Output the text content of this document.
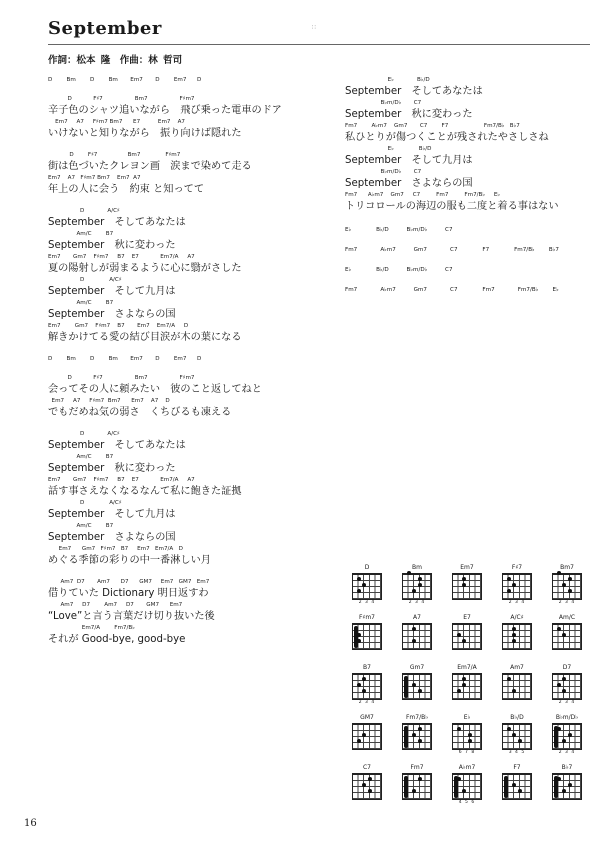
September	∷
作詞：松本 隆　作曲：林 哲司
D        Bm        D        Bm       Em7       D        Em7      D
D            F♯7                  Bm7                  F♯m7
辛子色のシャツ追いながら　飛び乗った電車のドア
Em7     A7     F♯m7 Bm7      E7          Em7    A7
いけないと知りながら　振り向けば隠れた
D        F♯7                 Bm7              F♯m7
街は色づいたクレヨン画　涙まで染めて走る
Em7    A7   F♯m7 Bm7    Em7  A7
年上の人に会う　約束 と知ってて
D             A/C♯
September　そしてあなたは
Am/C        B7
September　秋に変わった
Em7       Gm7    F♯m7     B7    E7            Em7/A     A7
夏の陽射しが弱まるように心に翳がさした
D              A/C♯
September　そして九月は
Am/C        B7
September　さよならの国
Em7        Gm7    F♯m7    B7       Em7    Em7/A     D
解きかけてる愛の結び目涙が木の葉になる
D        Bm        D        Bm       Em7       D        Em7      D
D            F♯7                  Bm7                  F♯m7
会ってその人に頼みたい　彼のこと返してねと
Em7     A7     F♯m7  Bm7      Em7    A7    D
でもだめね気の弱さ　くちびるも凍える
D             A/C♯
September　そしてあなたは
Am/C        B7
September　秋に変わった
Em7       Gm7    F♯m7     B7    E7            Em7/A     A7
話す事さえなくなるなんて私に飽きた証拠
D              A/C♯
September　そして九月は
Am/C        B7
September　さよならの国
Em7      Gm7   F♯m7   B7     Em7   Em7/A   D
めぐる季節の彩りの中一番淋しい月
Am7  D7       Am7      D7      GM7     Em7   GM7   Em7
借りていた Dictionary 明日返すわ
Am7     D7        Am7     D7       GM7      Em7
“Love”と言う言葉だけ切り抜いた後
Em7/A        Fm7/B♭
それが Good-bye, good-bye
E♭             B♭/D
September　そしてあなたは
B♭m/D♭       C7
September　秋に変わった
Fm7        A♭m7    Gm7       C7        F7                    Fm7/B♭   B♭7
私ひとりが傷つくことが残されたやさしさね
E♭              B♭/D
September　そして九月は
B♭m/D♭       C7
September　さよならの国
Fm7      A♭m7    Gm7     C7         Fm7         Fm7/B♭     E♭
トリコロールの海辺の服も二度と着る事はない
E♭              B♭/D          B♭m/D♭          C7
Fm7             A♭m7          Gm7             C7              F7              Fm7/B♭        B♭7
E♭              B♭/D          B♭m/D♭          C7
Fm7             A♭m7          Gm7             C7              Fm7             Fm7/B♭        E♭
D
2 3 4
Bm
2 3 4
Em7	F♯7
2 3 4
Bm7
2 3 4
F♯m7	A7	E7	A/C♯	Am/C
B7
2 3 4
Gm7	Em7/A	Am7	D7
2 3 4
GM7	Fm7/B♭	E♭
6 7 8
B♭/D
3 4 5
B♭m/D♭
2 3 4
C7	Fm7	A♭m7
4 5 6
F7	B♭7
16
